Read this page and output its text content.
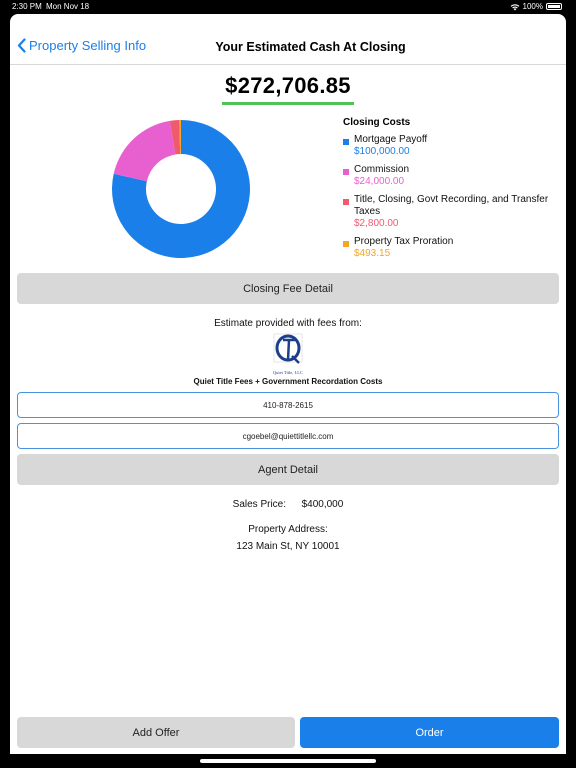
2:30 PM Mon Nov 18	100%
Property Selling Info	Your Estimated Cash At Closing
$272,706.85
Closing Costs
Mortgage Payoff
$100,000.00
Commission
$24,000.00
Title, Closing, Govt Recording, and Transfer Taxes
$2,800.00
Property Tax Proration
$493.15
Closing Fee Detail
Estimate provided with fees from:
Quiet Title, LLC
Quiet Title Fees + Government Recordation Costs
410-878-2615
cgoebel@quiettitlellc.com
Agent Detail
Sales Price: $400,000
Property Address:
123 Main St, NY 10001
Add Offer	Order
